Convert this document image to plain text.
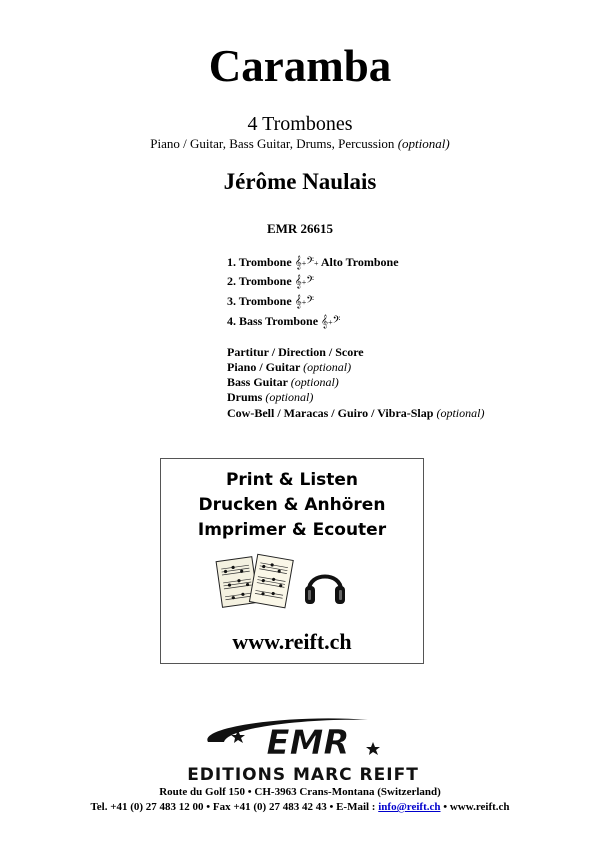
Caramba
4 Trombones
Piano / Guitar, Bass Guitar, Drums, Percussion (optional)
Jérôme Naulais
EMR 26615
1. Trombone 𝄞+𝄢+ Alto Trombone
2. Trombone 𝄞+𝄢
3. Trombone 𝄞+𝄢
4. Bass Trombone 𝄞+𝄢
Partitur / Direction / Score
Piano / Guitar (optional)
Bass Guitar (optional)
Drums (optional)
Cow-Bell / Maracas / Guiro / Vibra-Slap (optional)
Print & Listen
Drucken & Anhören
Imprimer & Ecouter
www.reift.ch
EMR
EDITIONS MARC REIFT
Route du Golf 150 • CH-3963 Crans-Montana (Switzerland)
Tel. +41 (0) 27 483 12 00 • Fax +41 (0) 27 483 42 43 • E-Mail : info@reift.ch • www.reift.ch
